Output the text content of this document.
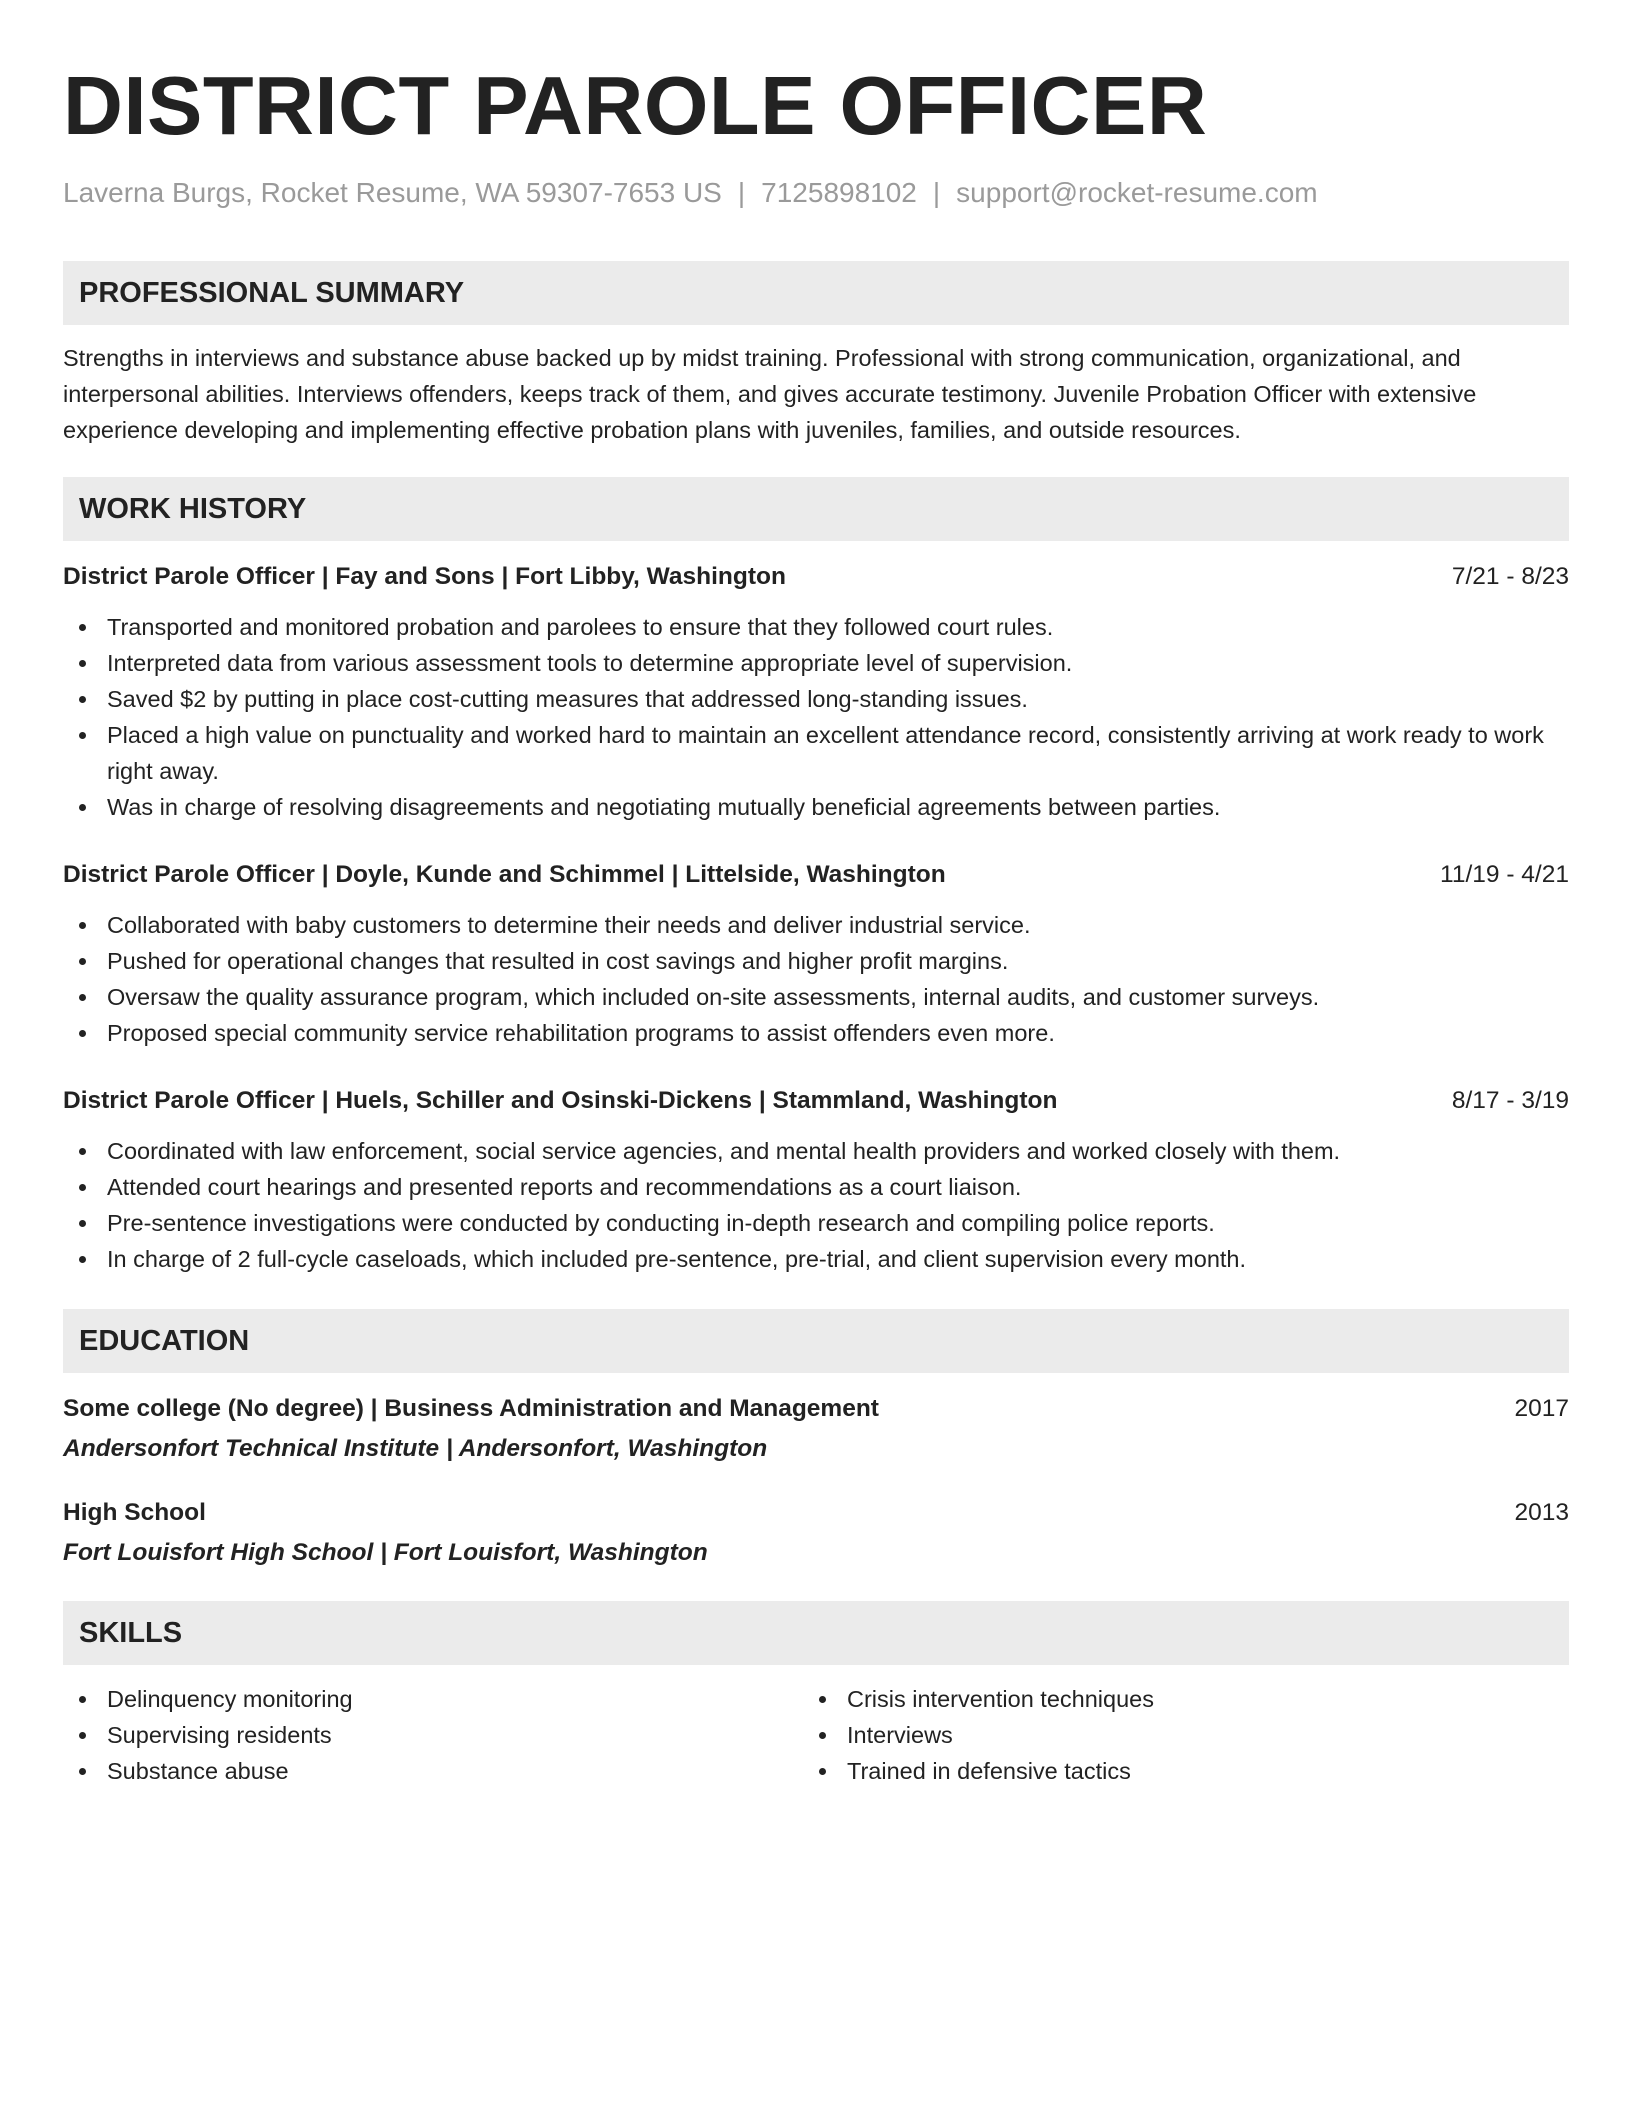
DISTRICT PAROLE OFFICER
Laverna Burgs, Rocket Resume, WA 59307-7653 US | 7125898102 | support@rocket-resume.com
PROFESSIONAL SUMMARY
Strengths in interviews and substance abuse backed up by midst training. Professional with strong communication, organizational, and interpersonal abilities. Interviews offenders, keeps track of them, and gives accurate testimony. Juvenile Probation Officer with extensive experience developing and implementing effective probation plans with juveniles, families, and outside resources.
WORK HISTORY
District Parole Officer | Fay and Sons | Fort Libby, Washington	7/21 - 8/23
Transported and monitored probation and parolees to ensure that they followed court rules.
Interpreted data from various assessment tools to determine appropriate level of supervision.
Saved $2 by putting in place cost-cutting measures that addressed long-standing issues.
Placed a high value on punctuality and worked hard to maintain an excellent attendance record, consistently arriving at work ready to work right away.
Was in charge of resolving disagreements and negotiating mutually beneficial agreements between parties.
District Parole Officer | Doyle, Kunde and Schimmel | Littelside, Washington	11/19 - 4/21
Collaborated with baby customers to determine their needs and deliver industrial service.
Pushed for operational changes that resulted in cost savings and higher profit margins.
Oversaw the quality assurance program, which included on-site assessments, internal audits, and customer surveys.
Proposed special community service rehabilitation programs to assist offenders even more.
District Parole Officer | Huels, Schiller and Osinski-Dickens | Stammland, Washington	8/17 - 3/19
Coordinated with law enforcement, social service agencies, and mental health providers and worked closely with them.
Attended court hearings and presented reports and recommendations as a court liaison.
Pre-sentence investigations were conducted by conducting in-depth research and compiling police reports.
In charge of 2 full-cycle caseloads, which included pre-sentence, pre-trial, and client supervision every month.
EDUCATION
Some college (No degree) | Business Administration and Management	2017
Andersonfort Technical Institute | Andersonfort, Washington
High School	2013
Fort Louisfort High School | Fort Louisfort, Washington
SKILLS
Delinquency monitoring
Supervising residents
Substance abuse
Crisis intervention techniques
Interviews
Trained in defensive tactics
